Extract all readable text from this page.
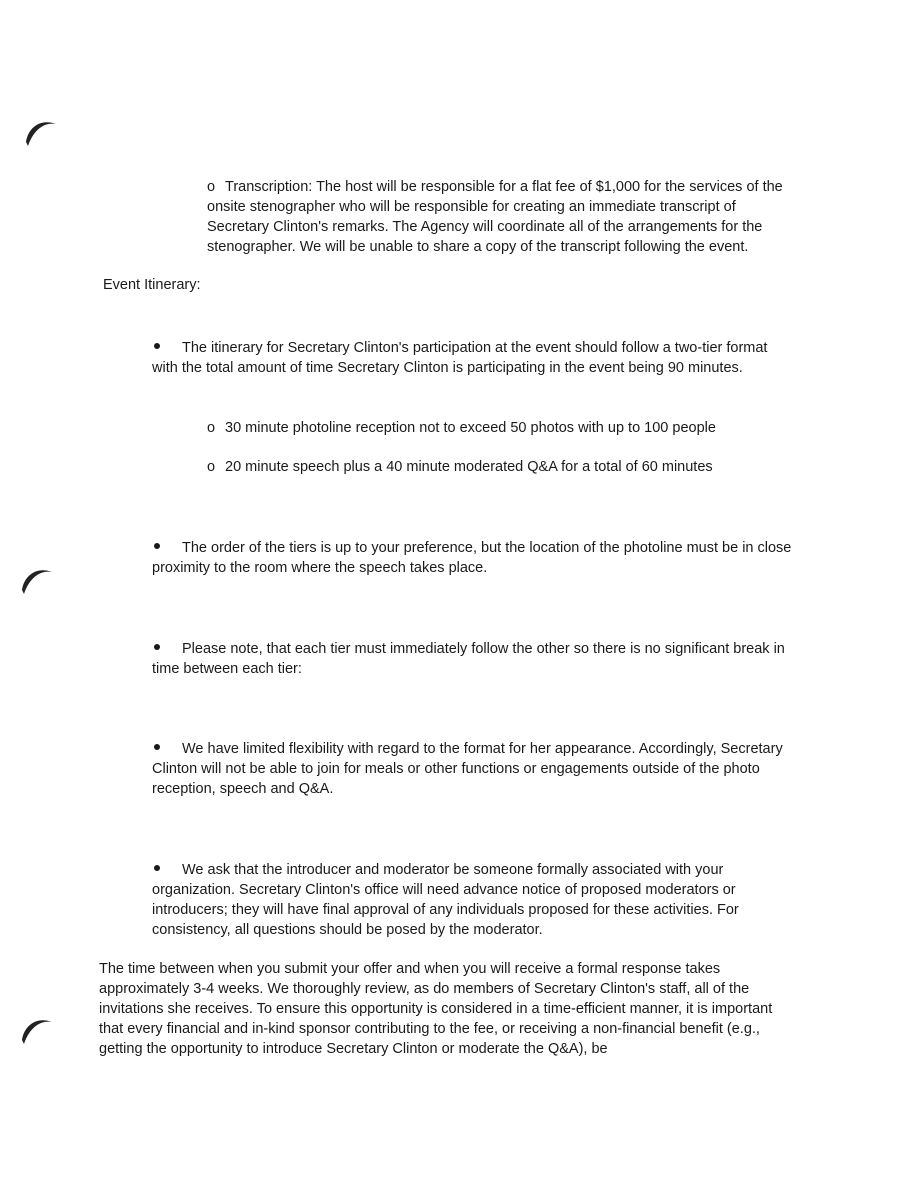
o Transcription: The host will be responsible for a flat fee of $1,000 for the services of the onsite stenographer who will be responsible for creating an immediate transcript of Secretary Clinton's remarks. The Agency will coordinate all of the arrangements for the stenographer. We will be unable to share a copy of the transcript following the event.
Event Itinerary:
The itinerary for Secretary Clinton's participation at the event should follow a two-tier format with the total amount of time Secretary Clinton is participating in the event being 90 minutes.
o 30 minute photoline reception not to exceed 50 photos with up to 100 people
o 20 minute speech plus a 40 minute moderated Q&A for a total of 60 minutes
The order of the tiers is up to your preference, but the location of the photoline must be in close proximity to the room where the speech takes place.
Please note, that each tier must immediately follow the other so there is no significant break in time between each tier:
We have limited flexibility with regard to the format for her appearance. Accordingly, Secretary Clinton will not be able to join for meals or other functions or engagements outside of the photo reception, speech and Q&A.
We ask that the introducer and moderator be someone formally associated with your organization. Secretary Clinton's office will need advance notice of proposed moderators or introducers; they will have final approval of any individuals proposed for these activities. For consistency, all questions should be posed by the moderator.
The time between when you submit your offer and when you will receive a formal response takes approximately 3-4 weeks. We thoroughly review, as do members of Secretary Clinton's staff, all of the invitations she receives. To ensure this opportunity is considered in a time-efficient manner, it is important that every financial and in-kind sponsor contributing to the fee, or receiving a non-financial benefit (e.g., getting the opportunity to introduce Secretary Clinton or moderate the Q&A), be
